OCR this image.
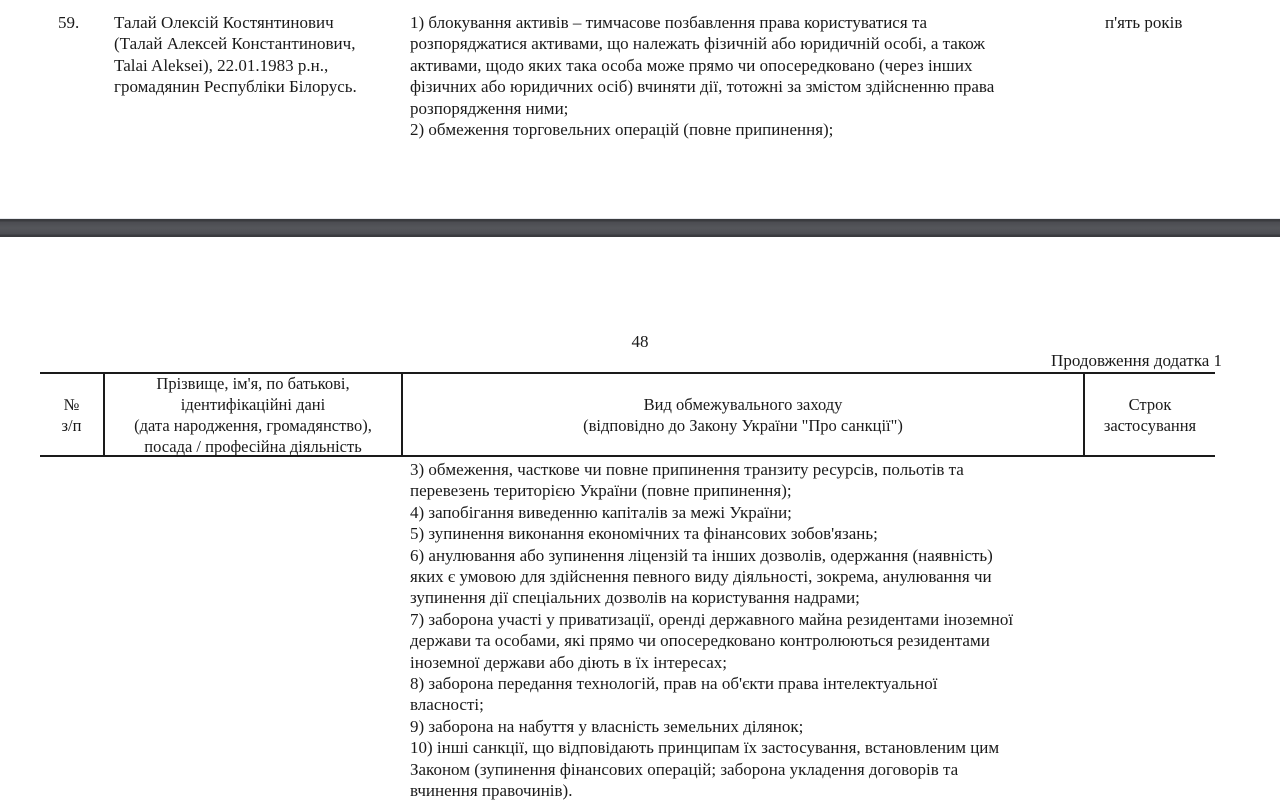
59. Талай Олексій Костянтинович
(Талай Алексей Константинович,
Talai Aleksei), 22.01.1983 р.н.,
громадянин Республіки Білорусь.
1) блокування активів – тимчасове позбавлення права користуватися та
розпоряджатися активами, що належать фізичній або юридичній особі, а також
активами, щодо яких така особа може прямо чи опосередковано (через інших
фізичних або юридичних осіб) вчиняти дії, тотожні за змістом здійсненню права
розпорядження ними;
2) обмеження торговельних операцій (повне припинення);
п'ять років
48
Продовження додатка 1
№
з/п
Прізвище, ім'я, по батькові,
ідентифікаційні дані
(дата народження, громадянство),
посада / професійна діяльність
Вид обмежувального заходу
(відповідно до Закону України "Про санкції")
Строк
застосування
3) обмеження, часткове чи повне припинення транзиту ресурсів, польотів та
перевезень територією України (повне припинення);
4) запобігання виведенню капіталів за межі України;
5) зупинення виконання економічних та фінансових зобов'язань;
6) анулювання або зупинення ліцензій та інших дозволів, одержання (наявність)
яких є умовою для здійснення певного виду діяльності, зокрема, анулювання чи
зупинення дії спеціальних дозволів на користування надрами;
7) заборона участі у приватизації, оренді державного майна резидентами іноземної
держави та особами, які прямо чи опосередковано контролюються резидентами
іноземної держави або діють в їх інтересах;
8) заборона передання технологій, прав на об'єкти права інтелектуальної
власності;
9) заборона на набуття у власність земельних ділянок;
10) інші санкції, що відповідають принципам їх застосування, встановленим цим
Законом (зупинення фінансових операцій; заборона укладення договорів та
вчинення правочинів).
